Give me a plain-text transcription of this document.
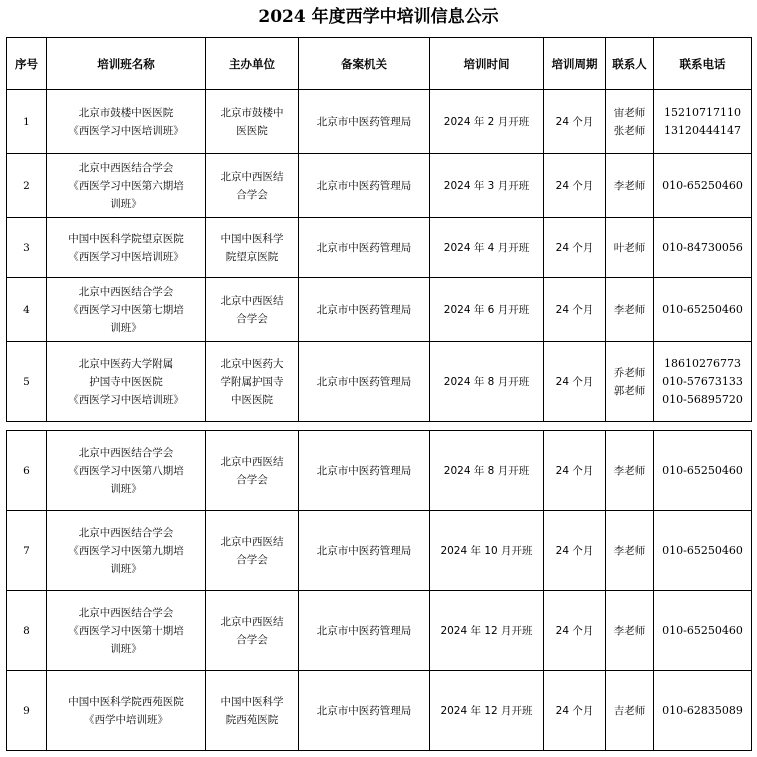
2024 年度西学中培训信息公示
序号	培训班名称	主办单位	备案机关	培训时间	培训周期	联系人	联系电话
1	北京市鼓楼中医医院
《西医学习中医培训班》	北京市鼓楼中
医医院	北京市中医药管理局	2024 年 2 月开班	24 个月	宙老师
张老师	15210717110
13120444147

2	北京中西医结合学会
《西医学习中医第六期培
训班》	北京中西医结
合学会	北京市中医药管理局	2024 年 3 月开班	24 个月	李老师	010-65250460

3	中国中医科学院望京医院
《西医学习中医培训班》	中国中医科学
院望京医院	北京市中医药管理局	2024 年 4 月开班	24 个月	叶老师	010-84730056

4	北京中西医结合学会
《西医学习中医第七期培
训班》	北京中西医结
合学会	北京市中医药管理局	2024 年 6 月开班	24 个月	李老师	010-65250460

5	北京中医药大学附属
护国寺中医医院
《西医学习中医培训班》	北京中医药大
学附属护国寺
中医医院	北京市中医药管理局	2024 年 8 月开班	24 个月	乔老师
郭老师	18610276773
010-57673133
010-56895720
6	北京中西医结合学会
《西医学习中医第八期培
训班》	北京中西医结
合学会	北京市中医药管理局	2024 年 8 月开班	24 个月	李老师	010-65250460

7	北京中西医结合学会
《西医学习中医第九期培
训班》	北京中西医结
合学会	北京市中医药管理局	2024 年 10 月开班	24 个月	李老师	010-65250460

8	北京中西医结合学会
《西医学习中医第十期培
训班》	北京中西医结
合学会	北京市中医药管理局	2024 年 12 月开班	24 个月	李老师	010-65250460

9	中国中医科学院西苑医院
《西学中培训班》	中国中医科学
院西苑医院	北京市中医药管理局	2024 年 12 月开班	24 个月	吉老师	010-62835089
